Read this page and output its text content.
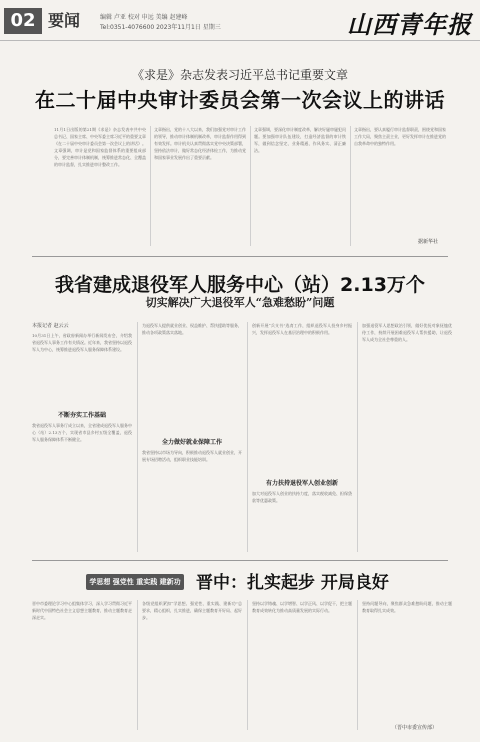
02 要闻	编辑 卢亚 校对 申远 美编 赵建峰
Tel:0351-4076600 2023年11月1日 星期三	山西青年报
《求是》杂志发表习近平总书记重要文章
在二十届中央审计委员会第一次会议上的讲话
11月1日出版的第21期《求是》杂志发表中共中央总书记、国家主席、中央军委主席习近平的重要文章《在二十届中央审计委员会第一次会议上的讲话》。文章强调，审计是党和国家监督体系的重要组成部分，要完善审计体制机制，统筹推进常态化、全覆盖的审计监督，扎实推进审计整改工作。
文章指出，党的十八大以来，我们加强党对审计工作的领导，推动审计体制机制改革，审计监督作用得到有效发挥。审计机关认真贯彻落实党中央决策部署，坚持依法审计，做好常态化经济体检工作，为推动党和国家事业发展作出了重要贡献。
文章强调，要深化审计制度改革，解决好屡审屡犯问题。要加强审计队伍建设，打造经济监督的审计铁军，做到信念坚定、业务精通、作风务实、清正廉洁。
文章指出，要认真履行审计监督职责，围绕党和国家工作大局，聚焦主责主业，更好发挥审计在推进党的自我革命中的独特作用。
据新华社
我省建成退役军人服务中心（站）2.13万个
切实解决广大退役军人“急难愁盼”问题
本报记者 赵云云
10月31日上午，省政府新闻办举行新闻发布会，介绍我省退役军人事务工作有关情况。近年来，我省坚持以退役军人为中心，统筹推进退役军人服务保障体系建设。
不断夯实工作基础
我省退役军人事务厅成立以来，全省建成退役军人服务中心（站）2.13万个，实现省市县乡村五级全覆盖，退役军人服务保障体系不断健全。
为退役军人提供就业创业、权益维护、帮扶援助等服务，推动各项政策落实落地。
全力做好就业保障工作
我省坚持以市场为导向，积极推动退役军人就业创业，开展专场招聘活动，组织职业技能培训。
创新开展“兵支书”选育工作，组织退役军人投身乡村振兴，发挥退役军人在基层治理中的积极作用。
有力扶持退役军人创业创新
加大对退役军人创业的扶持力度，落实税收减免、担保贷款等优惠政策。
加强退役军人思想政治引领，做好优抚对象抚恤优待工作，持续开展困难退役军人帮扶援助，让退役军人成为全社会尊重的人。
学思想 强党性 重实践 建新功 晋中：扎实起步 开局良好
晋中市委理论学习中心组集体学习，深入学习贯彻习近平新时代中国特色社会主义思想主题教育，推动主题教育走深走实。
各级党组织紧扣“学思想、强党性、重实践、建新功”总要求，精心组织，扎实推进，确保主题教育开好局、起好步。
坚持以学铸魂、以学增智、以学正风、以学促干，把主题教育成效转化为推动高质量发展的实际行动。
坚持问题导向，聚焦群众急难愁盼问题，推动主题教育取得扎实成效。
（晋中市委宣传部）
